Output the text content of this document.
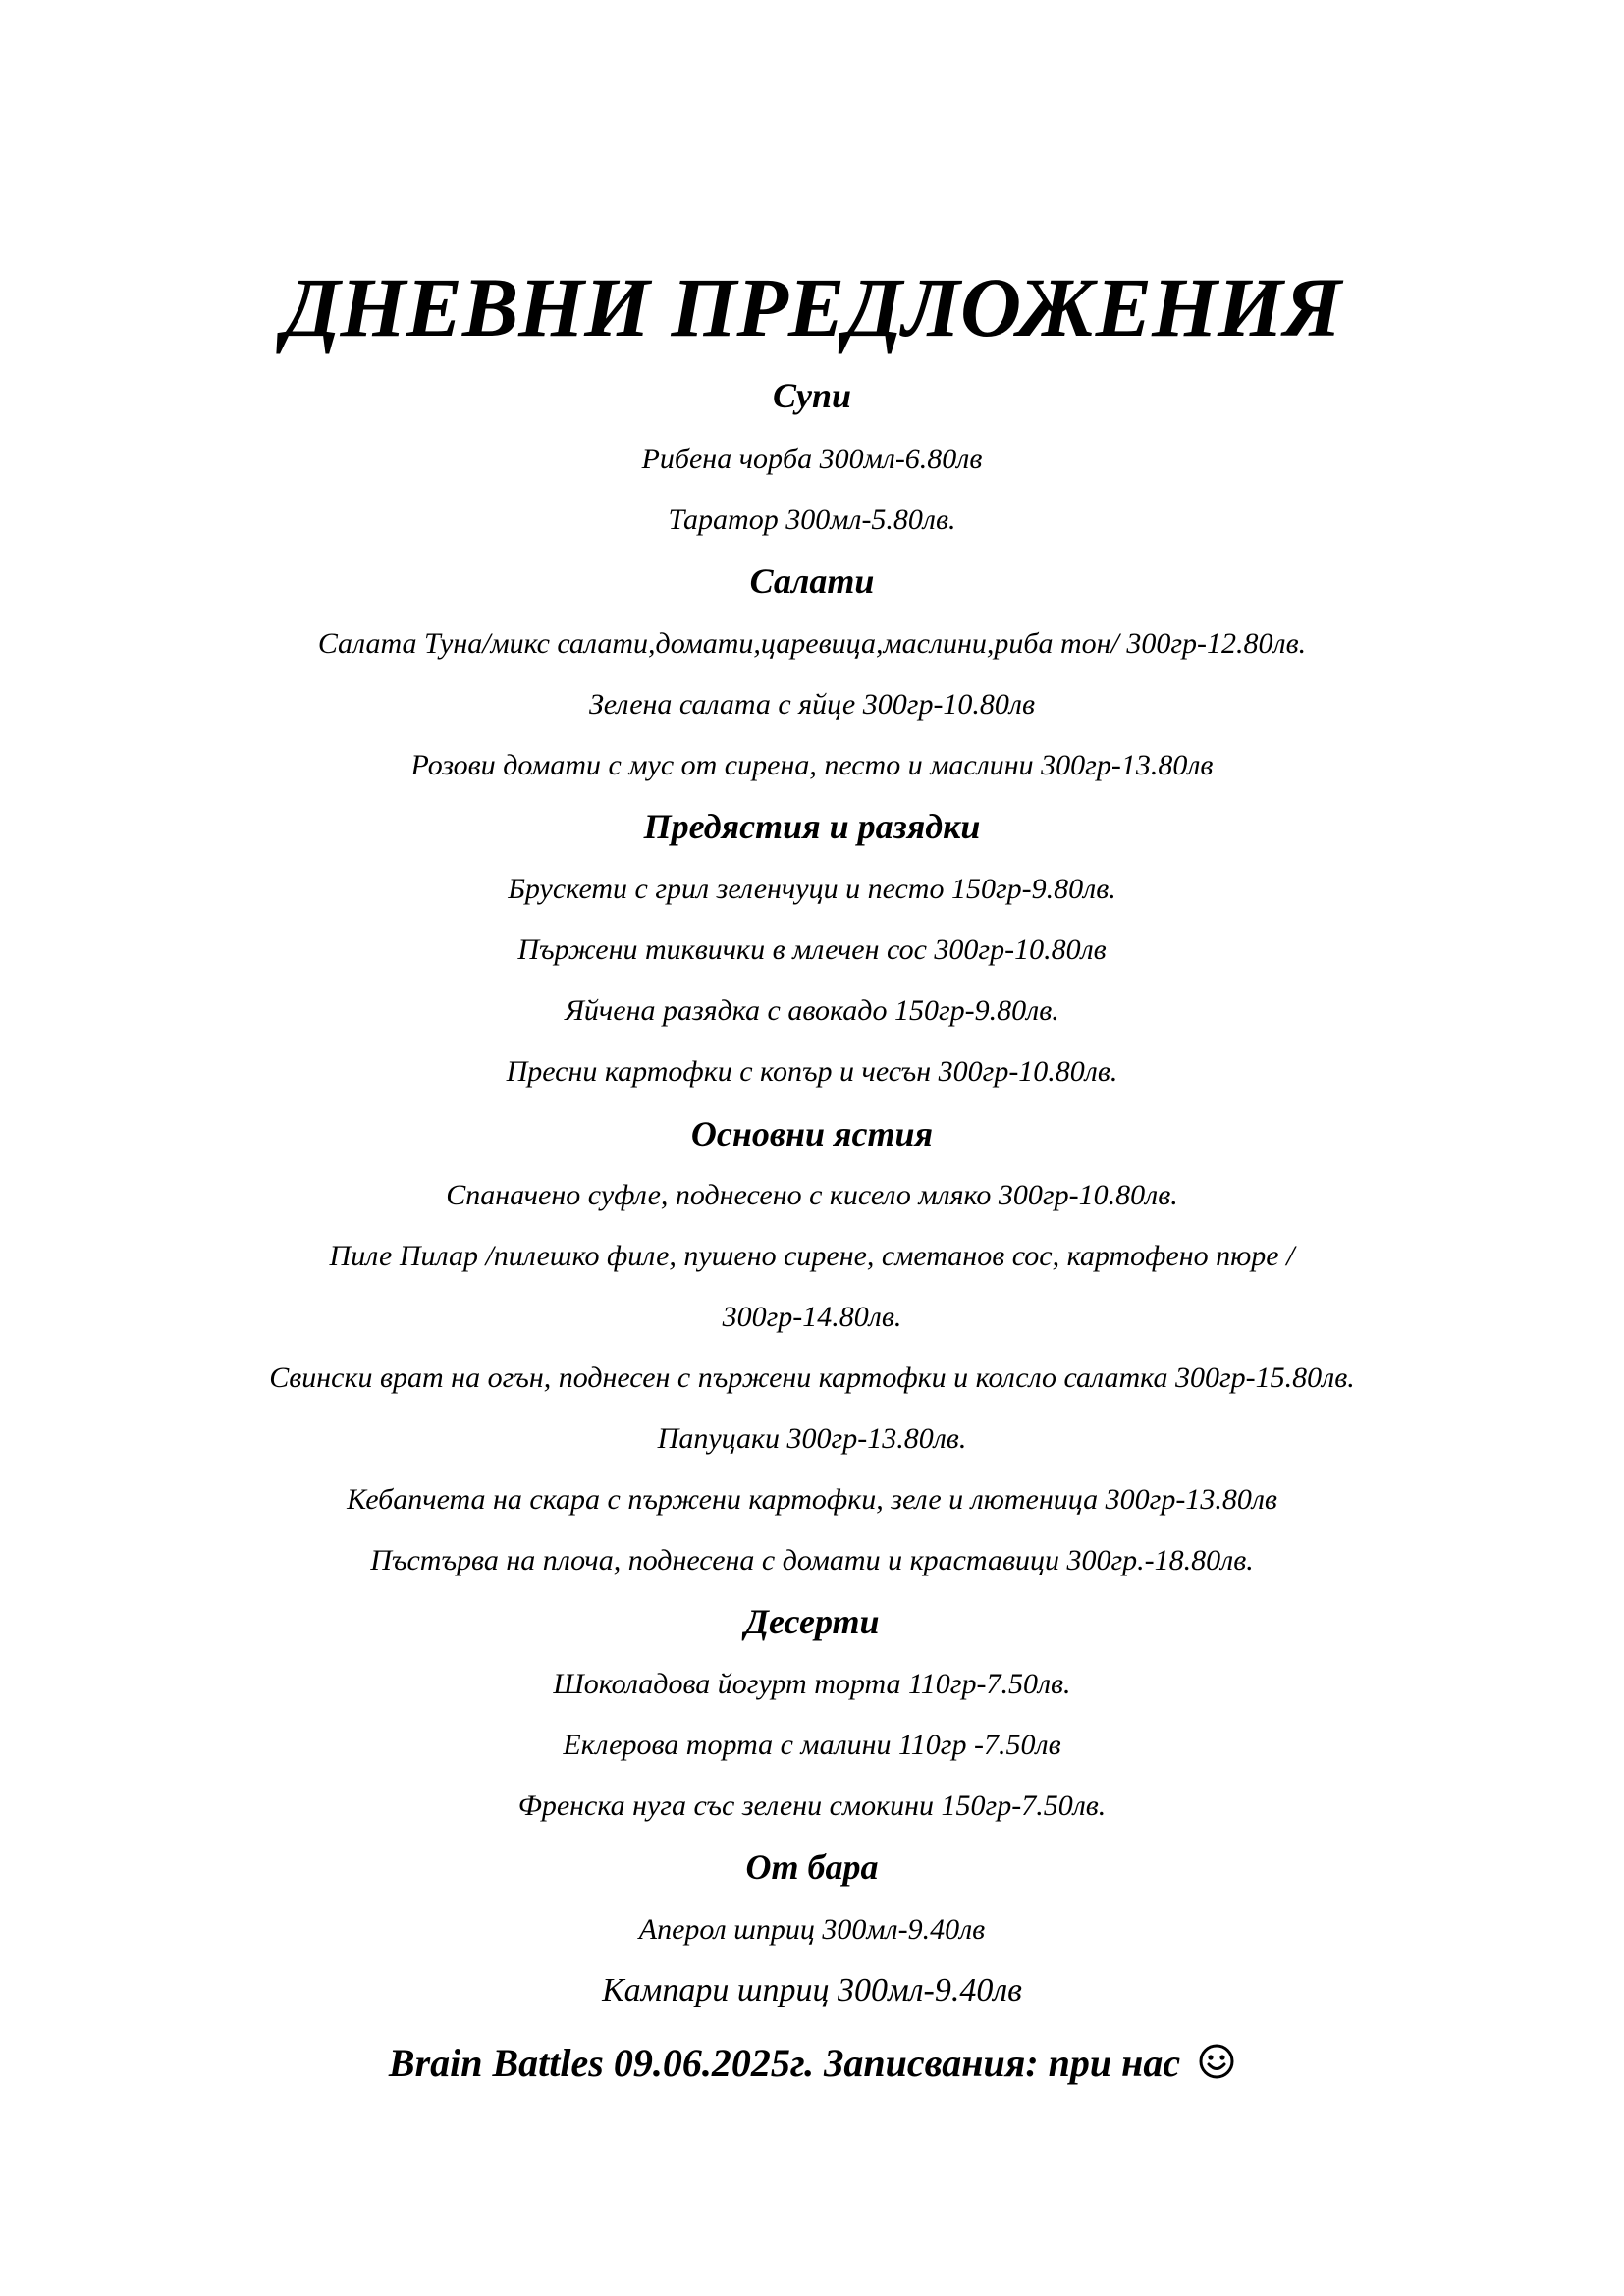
ДНЕВНИ ПРЕДЛОЖЕНИЯ
Супи
Рибена чорба 300мл-6.80лв
Таратор 300мл-5.80лв.
Салати
Салата Туна/микс салати,домати,царевица,маслини,риба тон/ 300гр-12.80лв.
Зелена салата с яйце 300гр-10.80лв
Розови домати с мус от сирена, песто и маслини 300гр-13.80лв
Предястия и разядки
Брускети с грил зеленчуци и песто 150гр-9.80лв.
Пържени тиквички в млечен сос 300гр-10.80лв
Яйчена разядка с авокадо 150гр-9.80лв.
Пресни картофки с копър и чесън 300гр-10.80лв.
Основни ястия
Спаначено суфле, поднесено с кисело мляко 300гр-10.80лв.
Пиле Пилар /пилешко филе, пушено сирене, сметанов сос, картофено пюре /
300гр-14.80лв.
Свински врат на огън, поднесен с пържени картофки и колсло салатка 300гр-15.80лв.
Папуцаки 300гр-13.80лв.
Кебапчета на скара с пържени картофки, зеле и лютеница 300гр-13.80лв
Пъстърва на плоча, поднесена с домати и краставици 300гр.-18.80лв.
Десерти
Шоколадова йогурт торта 110гр-7.50лв.
Еклерова торта с малини 110гр -7.50лв
Френска нуга със зелени смокини 150гр-7.50лв.
От бара
Аперол шприц 300мл-9.40лв
Кампари шприц 300мл-9.40лв
Brain Battles 09.06.2025г. Записвания: при нас
